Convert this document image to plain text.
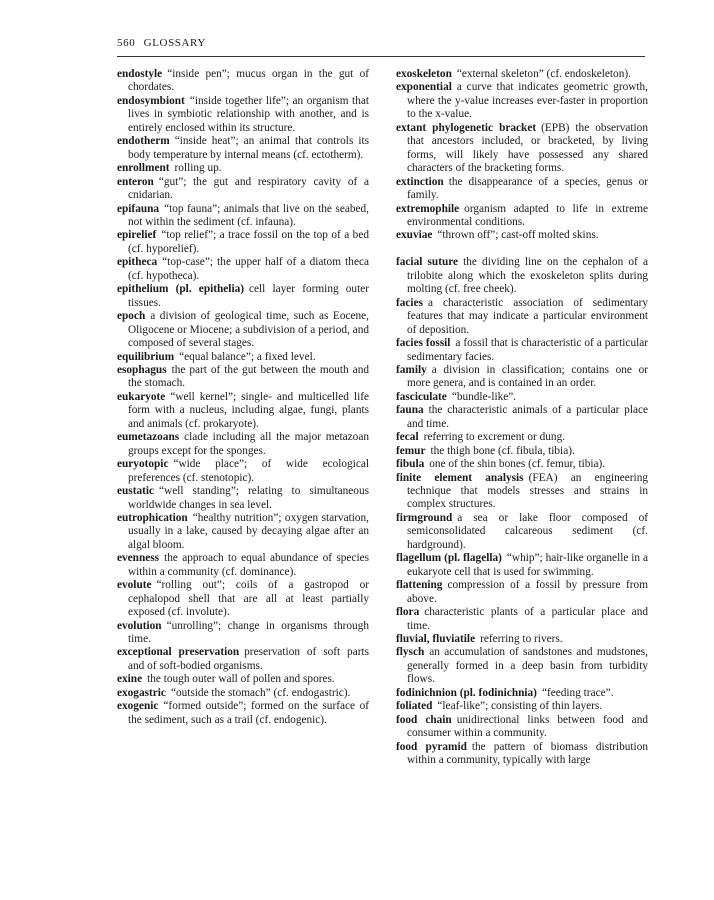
560 GLOSSARY

endostyle “inside pen”; mucus organ in the gut of chordates.

endosymbiont “inside together life”; an organism that lives in symbiotic relationship with another, and is entirely enclosed within its structure.

endotherm “inside heat”; an animal that controls its body temperature by internal means (cf. ectotherm).

enrollment rolling up.

enteron “gut”; the gut and respiratory cavity of a cnidarian.

epifauna “top fauna”; animals that live on the seabed, not within the sediment (cf. infauna).

epirelief “top relief”; a trace fossil on the top of a bed (cf. hyporelief).

epitheca “top-case”; the upper half of a diatom theca (cf. hypotheca).

epithelium (pl. epithelia) cell layer forming outer tissues.

epoch a division of geological time, such as Eocene, Oligocene or Miocene; a subdivision of a period, and composed of several stages.

equilibrium “equal balance”; a fixed level.

esophagus the part of the gut between the mouth and the stomach.

eukaryote “well kernel”; single- and multicelled life form with a nucleus, including algae, fungi, plants and animals (cf. prokaryote).

eumetazoans clade including all the major metazoan groups except for the sponges.

euryotopic “wide place”; of wide ecological preferences (cf. stenotopic).

eustatic “well standing”; relating to simultaneous worldwide changes in sea level.

eutrophication “healthy nutrition”; oxygen starvation, usually in a lake, caused by decaying algae after an algal bloom.

evenness the approach to equal abundance of species within a community (cf. dominance).

evolute “rolling out”; coils of a gastropod or cephalopod shell that are all at least partially exposed (cf. involute).

evolution “unrolling”; change in organisms through time.

exceptional preservation preservation of soft parts and of soft-bodied organisms.

exine the tough outer wall of pollen and spores.

exogastric “outside the stomach” (cf. endogastric).

exogenic “formed outside”; formed on the surface of the sediment, such as a trail (cf. endogenic).

exoskeleton “external skeleton” (cf. endoskeleton).

exponential a curve that indicates geometric growth, where the y-value increases ever-faster in proportion to the x-value.

extant phylogenetic bracket (EPB) the observation that ancestors included, or bracketed, by living forms, will likely have possessed any shared characters of the bracketing forms.

extinction the disappearance of a species, genus or family.

extremophile organism adapted to life in extreme environmental conditions.

exuviae “thrown off”; cast-off molted skins.

facial suture the dividing line on the cephalon of a trilobite along which the exoskeleton splits during molting (cf. free cheek).

facies a characteristic association of sedimentary features that may indicate a particular environment of deposition.

facies fossil a fossil that is characteristic of a particular sedimentary facies.

family a division in classification; contains one or more genera, and is contained in an order.

fasciculate “bundle-like”.

fauna the characteristic animals of a particular place and time.

fecal referring to excrement or dung.

femur the thigh bone (cf. fibula, tibia).

fibula one of the shin bones (cf. femur, tibia).

finite element analysis (FEA) an engineering technique that models stresses and strains in complex structures.

firmground a sea or lake floor composed of semiconsolidated calcareous sediment (cf. hardground).

flagellum (pl. flagella) “whip”; hair-like organelle in a eukaryote cell that is used for swimming.

flattening compression of a fossil by pressure from above.

flora characteristic plants of a particular place and time.

fluvial, fluviatile referring to rivers.

flysch an accumulation of sandstones and mudstones, generally formed in a deep basin from turbidity flows.

fodinichnion (pl. fodinichnia) “feeding trace”.

foliated “leaf-like”; consisting of thin layers.

food chain unidirectional links between food and consumer within a community.

food pyramid the pattern of biomass distribution within a community, typically with large
